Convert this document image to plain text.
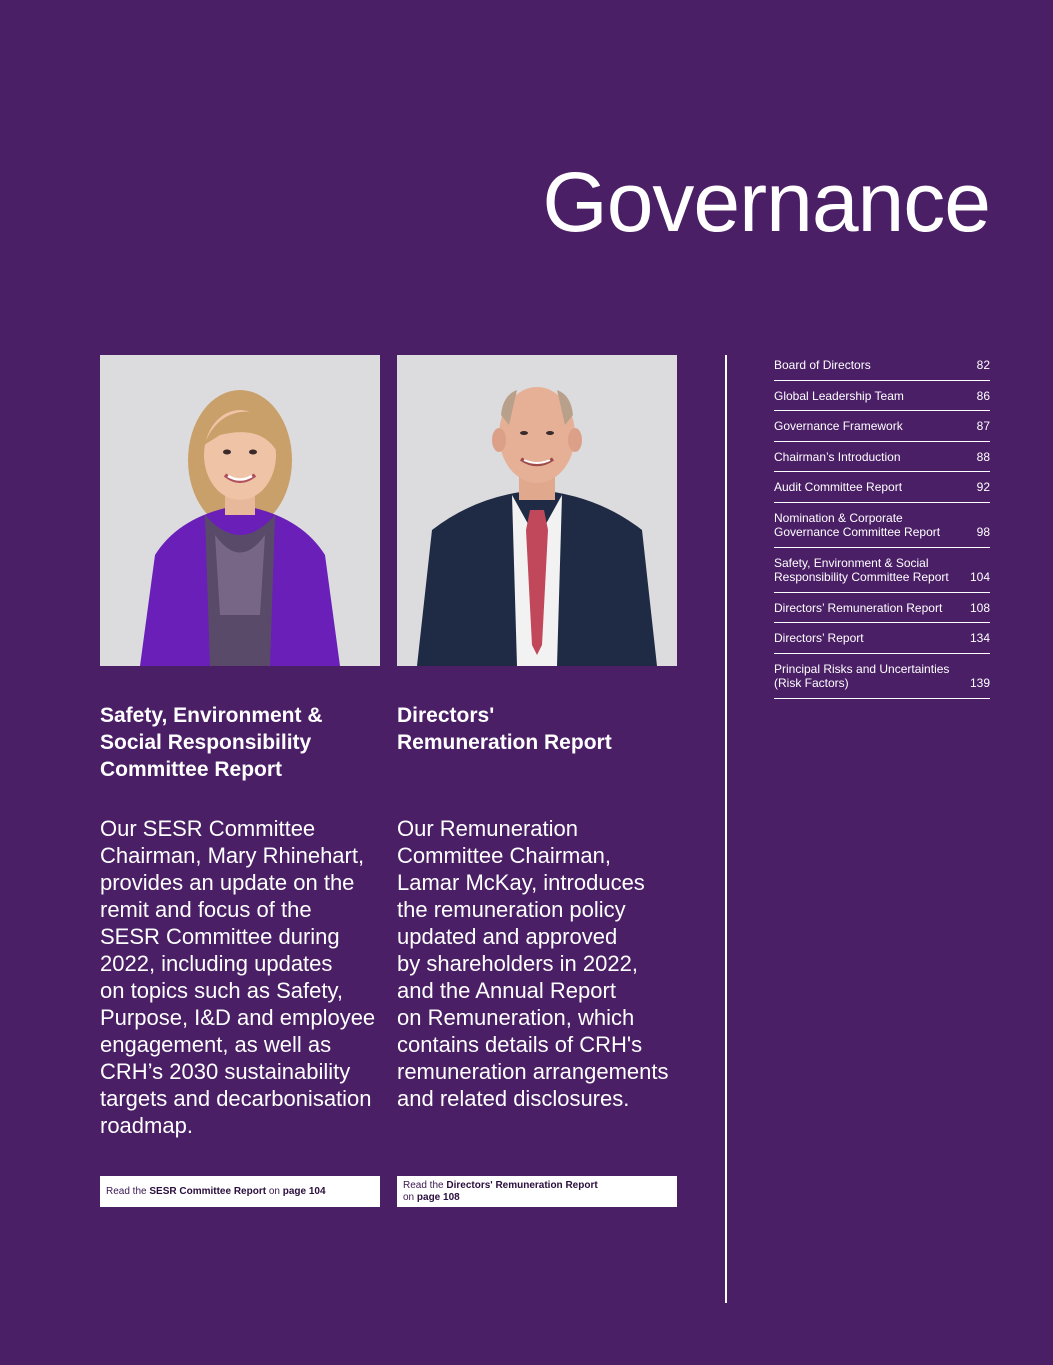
Governance
Safety, Environment &
Social Responsibility
Committee Report
Our SESR Committee
Chairman, Mary Rhinehart,
provides an update on the
remit and focus of the
SESR Committee during
2022, including updates
on topics such as Safety,
Purpose, I&D and employee
engagement, as well as
CRH’s 2030 sustainability
targets and decarbonisation
roadmap.
Read the SESR Committee Report on page 104
Directors'
Remuneration Report
Our Remuneration
Committee Chairman,
Lamar McKay, introduces
the remuneration policy
updated and approved
by shareholders in 2022,
and the Annual Report
on Remuneration, which
contains details of CRH's
remuneration arrangements
and related disclosures.
Read the Directors' Remuneration Report
on page 108
Board of Directors	82
Global Leadership Team	86
Governance Framework	87
Chairman’s Introduction	88
Audit Committee Report	92
Nomination & Corporate Governance Committee Report	98
Safety, Environment & Social Responsibility Committee Report	104
Directors’ Remuneration Report 108
Directors’ Report	134
Principal Risks and Uncertainties (Risk Factors)	139
